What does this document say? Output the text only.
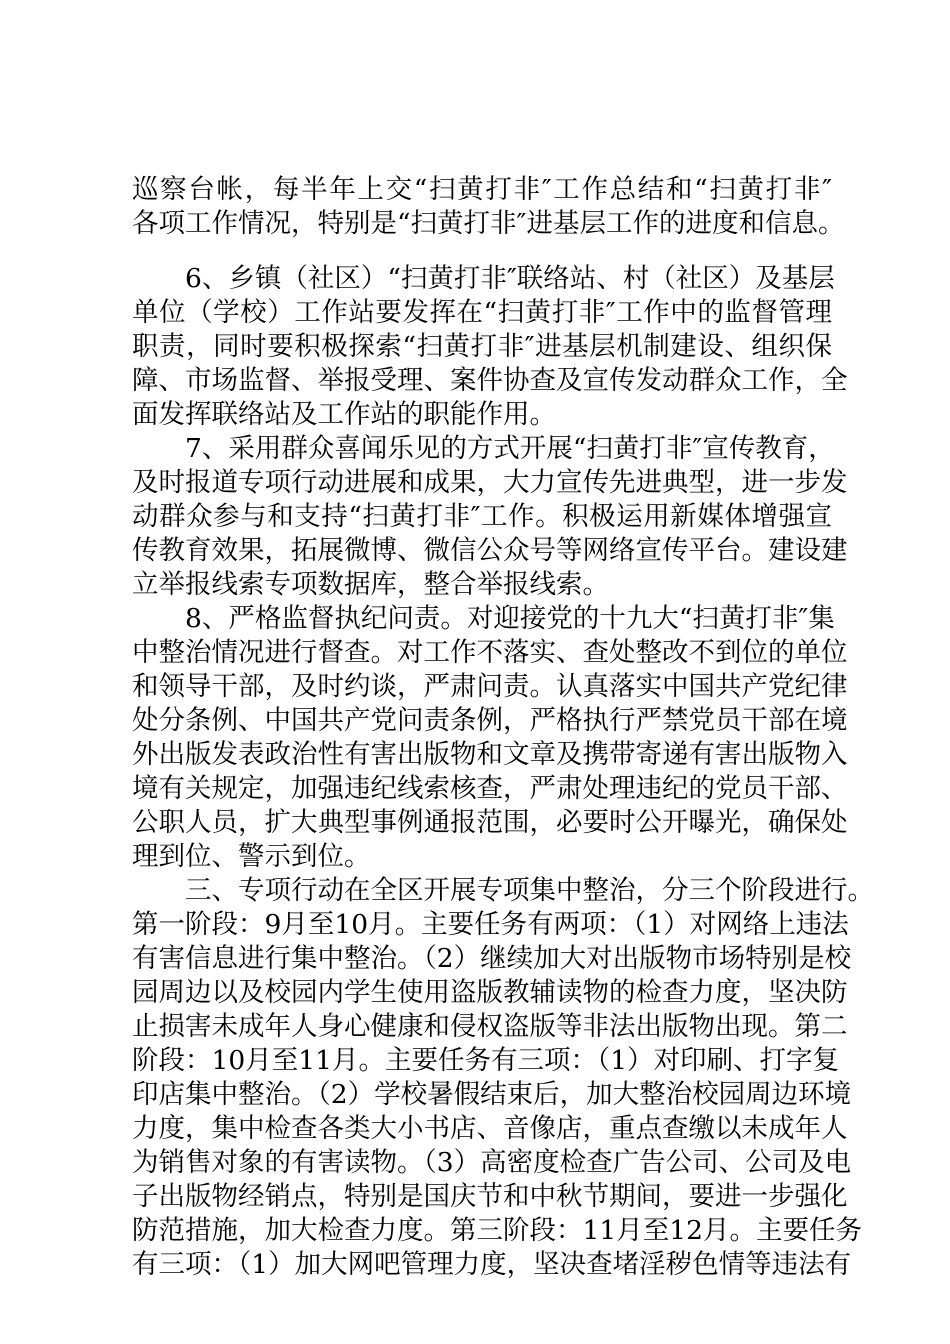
巡察台帐，每半年上交“扫黄打非″工作总结和“扫黄打非″
各项工作情况，特别是“扫黄打非″进基层工作的进度和信息。
　　6、乡镇（社区）“扫黄打非″联络站、村（社区）及基层
单位（学校）工作站要发挥在“扫黄打非″工作中的监督管理
职责，同时要积极探索“扫黄打非″进基层机制建设、组织保
障、市场监督、举报受理、案件协查及宣传发动群众工作，全
面发挥联络站及工作站的职能作用。
　　7、采用群众喜闻乐见的方式开展“扫黄打非″宣传教育，
及时报道专项行动进展和成果，大力宣传先进典型，进一步发
动群众参与和支持“扫黄打非″工作。积极运用新媒体增强宣
传教育效果，拓展微博、微信公众号等网络宣传平台。建设建
立举报线索专项数据库，整合举报线索。
　　8、严格监督执纪问责。对迎接党的十九大“扫黄打非″集
中整治情况进行督查。对工作不落实、查处整改不到位的单位
和领导干部，及时约谈，严肃问责。认真落实中国共产党纪律
处分条例、中国共产党问责条例，严格执行严禁党员干部在境
外出版发表政治性有害出版物和文章及携带寄递有害出版物入
境有关规定，加强违纪线索核查，严肃处理违纪的党员干部、
公职人员，扩大典型事例通报范围，必要时公开曝光，确保处
理到位、警示到位。
　　三、专项行动在全区开展专项集中整治，分三个阶段进行。
第一阶段：9月至10月。主要任务有两项：（1）对网络上违法
有害信息进行集中整治。（2）继续加大对出版物市场特别是校
园周边以及校园内学生使用盗版教辅读物的检查力度，坚决防
止损害未成年人身心健康和侵权盗版等非法出版物出现。第二
阶段：10月至11月。主要任务有三项：（1）对印刷、打字复
印店集中整治。（2）学校暑假结束后，加大整治校园周边环境
力度，集中检查各类大小书店、音像店，重点查缴以未成年人
为销售对象的有害读物。（3）高密度检查广告公司、公司及电
子出版物经销点，特别是国庆节和中秋节期间，要进一步强化
防范措施，加大检查力度。第三阶段：11月至12月。主要任务
有三项：（1）加大网吧管理力度，坚决查堵淫秽色情等违法有
